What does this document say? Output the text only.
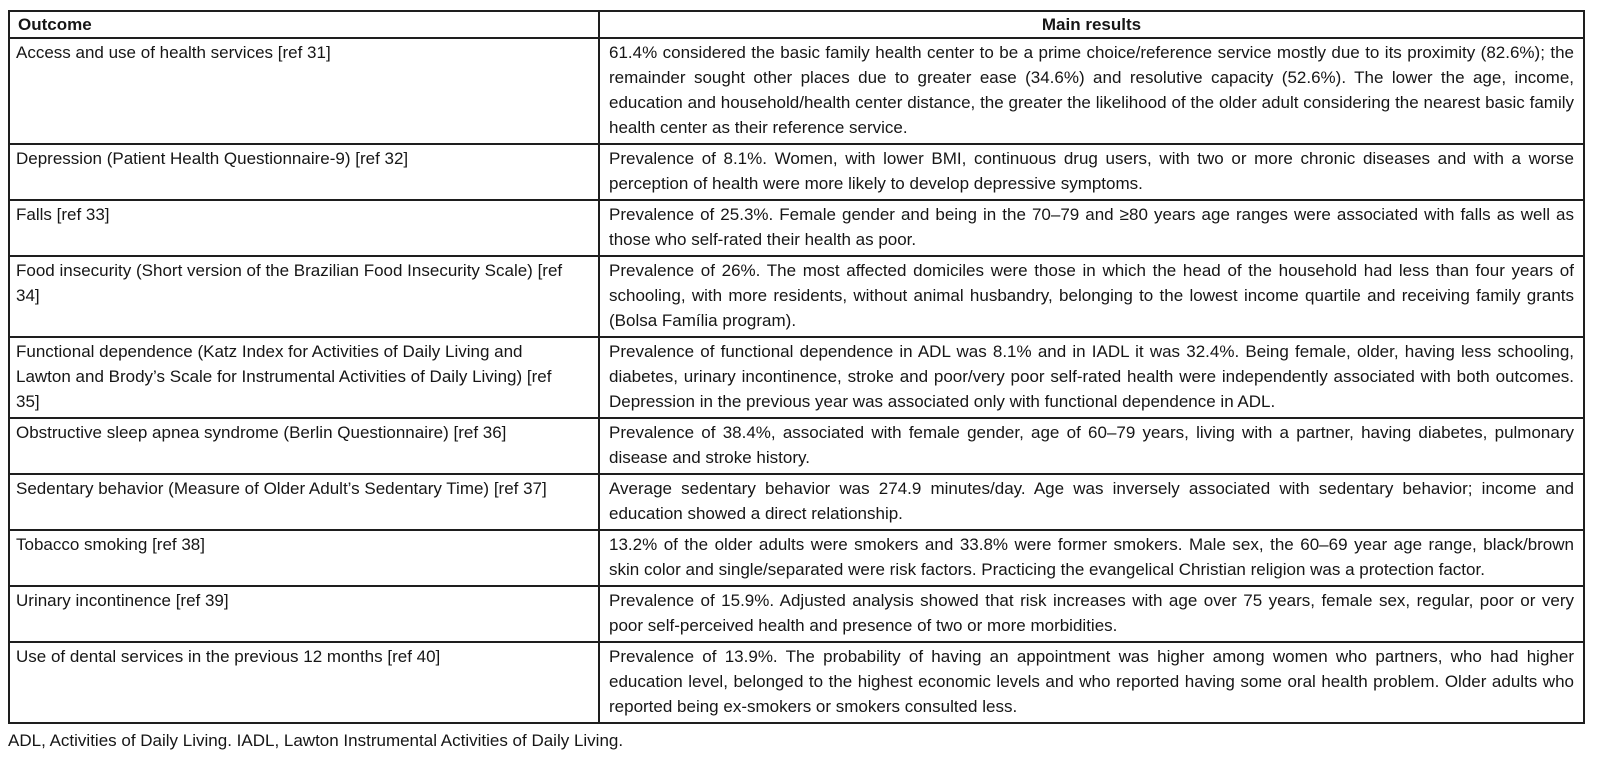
Outcome	Main results
Access and use of health services [ref 31]	61.4% considered the basic family health center to be a prime choice/reference service mostly due to its proximity (82.6%); the remainder sought other places due to greater ease (34.6%) and resolutive capacity (52.6%). The lower the age, income, education and household/health center distance, the greater the likelihood of the older adult considering the nearest basic family health center as their reference service.
Depression (Patient Health Questionnaire-9) [ref 32]	Prevalence of 8.1%. Women, with lower BMI, continuous drug users, with two or more chronic diseases and with a worse perception of health were more likely to develop depressive symptoms.
Falls [ref 33]	Prevalence of 25.3%. Female gender and being in the 70–79 and ≥80 years age ranges were associated with falls as well as those who self-rated their health as poor.
Food insecurity (Short version of the Brazilian Food Insecurity Scale) [ref 34]	Prevalence of 26%. The most affected domiciles were those in which the head of the household had less than four years of schooling, with more residents, without animal husbandry, belonging to the lowest income quartile and receiving family grants (Bolsa Família program).
Functional dependence (Katz Index for Activities of Daily Living and Lawton and Brody’s Scale for Instrumental Activities of Daily Living) [ref 35]	Prevalence of functional dependence in ADL was 8.1% and in IADL it was 32.4%. Being female, older, having less schooling, diabetes, urinary incontinence, stroke and poor/very poor self-rated health were independently associated with both outcomes. Depression in the previous year was associated only with functional dependence in ADL.
Obstructive sleep apnea syndrome (Berlin Questionnaire) [ref 36]	Prevalence of 38.4%, associated with female gender, age of 60–79 years, living with a partner, having diabetes, pulmonary disease and stroke history.
Sedentary behavior (Measure of Older Adult’s Sedentary Time) [ref 37]	Average sedentary behavior was 274.9 minutes/day. Age was inversely associated with sedentary behavior; income and education showed a direct relationship.
Tobacco smoking [ref 38]	13.2% of the older adults were smokers and 33.8% were former smokers. Male sex, the 60–69 year age range, black/brown skin color and single/separated were risk factors. Practicing the evangelical Christian religion was a protection factor.
Urinary incontinence [ref 39]	Prevalence of 15.9%. Adjusted analysis showed that risk increases with age over 75 years, female sex, regular, poor or very poor self-perceived health and presence of two or more morbidities.
Use of dental services in the previous 12 months [ref 40]	Prevalence of 13.9%. The probability of having an appointment was higher among women who partners, who had higher education level, belonged to the highest economic levels and who reported having some oral health problem. Older adults who reported being ex-smokers or smokers consulted less.
ADL, Activities of Daily Living. IADL, Lawton Instrumental Activities of Daily Living.
